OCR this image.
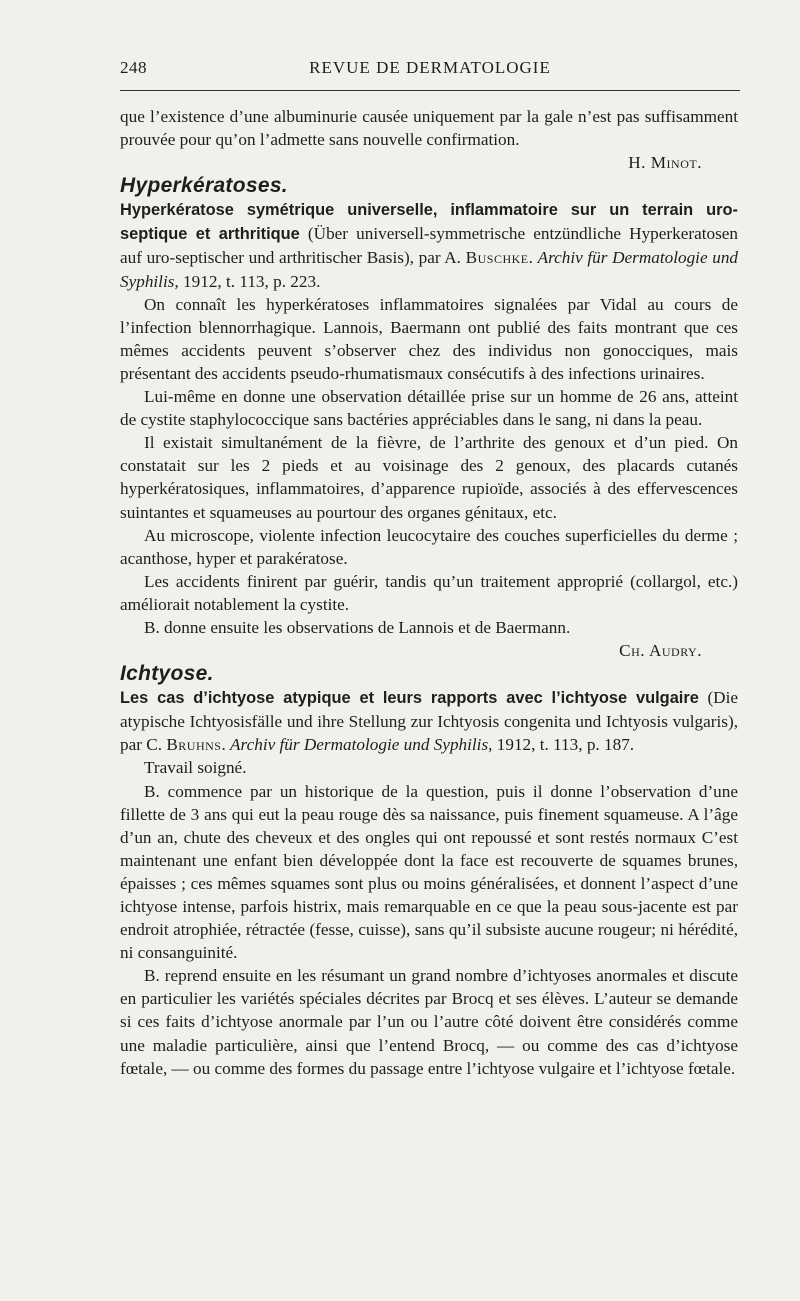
248	REVUE DE DERMATOLOGIE

que l’existence d’une albuminurie causée uniquement par la gale n’est pas suffisamment prouvée pour qu’on l’admette sans nouvelle confirmation.

H. Minot.

Hyperkératoses.

Hyperkératose symétrique universelle, inflammatoire sur un terrain uro-septique et arthritique (Über universell-symmetrische entzündliche Hyperkeratosen auf uro-septischer und arthritischer Basis), par A. Buschke. Archiv für Dermatologie und Syphilis, 1912, t. 113, p. 223.

On connaît les hyperkératoses inflammatoires signalées par Vidal au cours de l’infection blennorrhagique. Lannois, Baermann ont publié des faits montrant que ces mêmes accidents peuvent s’observer chez des individus non gonocciques, mais présentant des accidents pseudo-rhumatismaux consécutifs à des infections urinaires.

Lui-même en donne une observation détaillée prise sur un homme de 26 ans, atteint de cystite staphylococcique sans bactéries appréciables dans le sang, ni dans la peau.

Il existait simultanément de la fièvre, de l’arthrite des genoux et d’un pied. On constatait sur les 2 pieds et au voisinage des 2 genoux, des placards cutanés hyperkératosiques, inflammatoires, d’apparence rupioïde, associés à des effervescences suintantes et squameuses au pourtour des organes génitaux, etc.

Au microscope, violente infection leucocytaire des couches superficielles du derme ; acanthose, hyper et parakératose.

Les accidents finirent par guérir, tandis qu’un traitement approprié (collargol, etc.) améliorait notablement la cystite.

B. donne ensuite les observations de Lannois et de Baermann.

Ch. Audry.

Ichtyose.

Les cas d’ichtyose atypique et leurs rapports avec l’ichtyose vulgaire (Die atypische Ichtyosisfälle und ihre Stellung zur Ichtyosis congenita und Ichtyosis vulgaris), par C. Bruhns. Archiv für Dermatologie und Syphilis, 1912, t. 113, p. 187.

Travail soigné.

B. commence par un historique de la question, puis il donne l’observation d’une fillette de 3 ans qui eut la peau rouge dès sa naissance, puis finement squameuse. A l’âge d’un an, chute des cheveux et des ongles qui ont repoussé et sont restés normaux C’est maintenant une enfant bien développée dont la face est recouverte de squames brunes, épaisses ; ces mêmes squames sont plus ou moins généralisées, et donnent l’aspect d’une ichtyose intense, parfois histrix, mais remarquable en ce que la peau sous-jacente est par endroit atrophiée, rétractée (fesse, cuisse), sans qu’il subsiste aucune rougeur; ni hérédité, ni consanguinité.

B. reprend ensuite en les résumant un grand nombre d’ichtyoses anormales et discute en particulier les variétés spéciales décrites par Brocq et ses élèves. L’auteur se demande si ces faits d’ichtyose anormale par l’un ou l’autre côté doivent être considérés comme une maladie particulière, ainsi que l’entend Brocq, — ou comme des cas d’ichtyose fœtale, — ou comme des formes du passage entre l’ichtyose vulgaire et l’ichtyose fœtale.
